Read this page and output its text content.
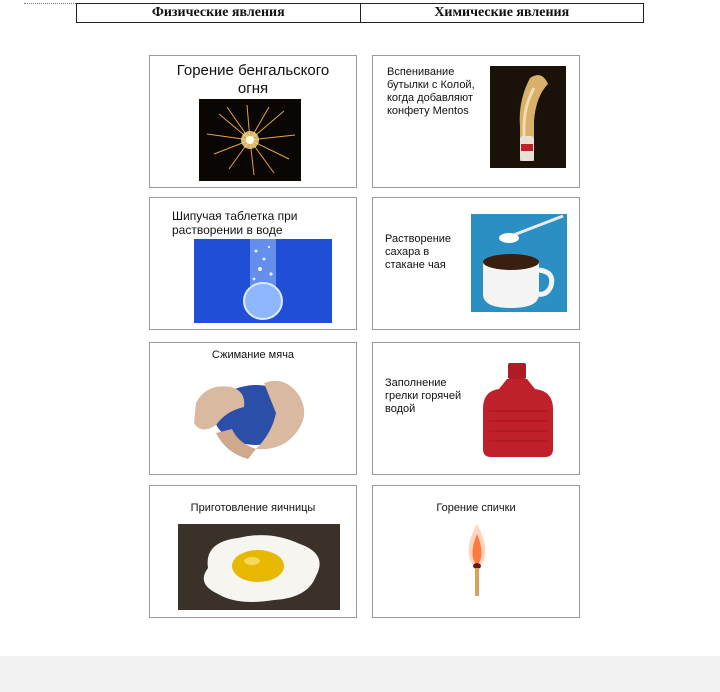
Физические явления	Химические явления
Горение бенгальского огня
Вспенивание бутылки с Колой, когда добавляют конфету Mentos
Шипучая таблетка при растворении в воде
Растворение сахара в стакане чая
Сжимание мяча
Заполнение грелки горячей водой
Приготовление яичницы	Горение спички
